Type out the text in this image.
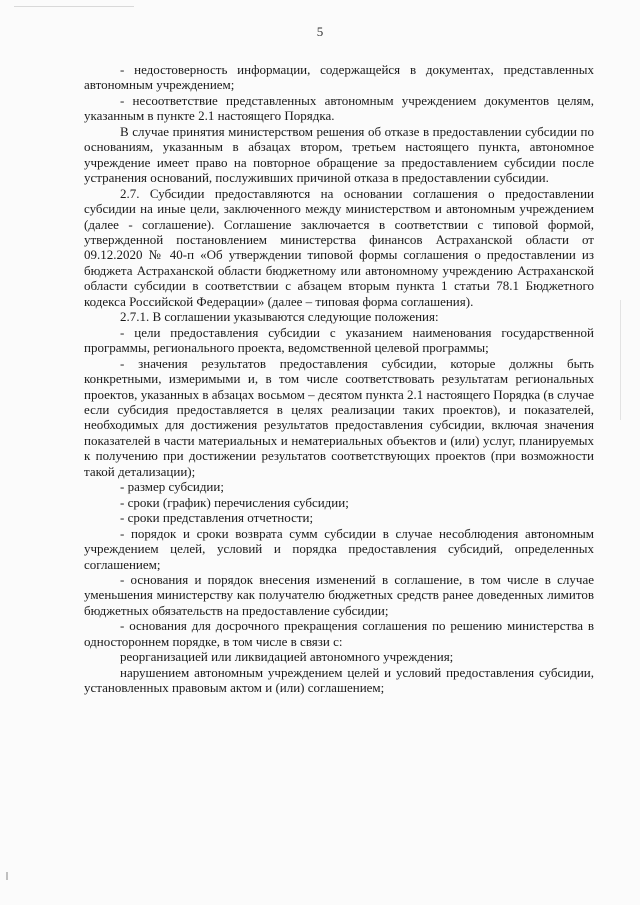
5

- недостоверность информации, содержащейся в документах, представленных автономным учреждением;

- несоответствие представленных автономным учреждением документов целям, указанным в пункте 2.1 настоящего Порядка.

В случае принятия министерством решения об отказе в предоставлении субсидии по основаниям, указанным в абзацах втором, третьем настоящего пункта, автономное учреждение имеет право на повторное обращение за предоставлением субсидии после устранения оснований, послуживших причиной отказа в предоставлении субсидии.

2.7. Субсидии предоставляются на основании соглашения о предоставлении субсидии на иные цели, заключенного между министерством и автономным учреждением (далее - соглашение). Соглашение заключается в соответствии с типовой формой, утвержденной постановлением министерства финансов Астраханской области от 09.12.2020 № 40-п «Об утверждении типовой формы соглашения о предоставлении из бюджета Астраханской области бюджетному или автономному учреждению Астраханской области субсидии в соответствии с абзацем вторым пункта 1 статьи 78.1 Бюджетного кодекса Российской Федерации» (далее – типовая форма соглашения).

2.7.1. В соглашении указываются следующие положения:

- цели предоставления субсидии с указанием наименования государственной программы, регионального проекта, ведомственной целевой программы;

- значения результатов предоставления субсидии, которые должны быть конкретными, измеримыми и, в том числе соответствовать результатам региональных проектов, указанных в абзацах восьмом – десятом пункта 2.1 настоящего Порядка (в случае если субсидия предоставляется в целях реализации таких проектов), и показателей, необходимых для достижения результатов предоставления субсидии, включая значения показателей в части материальных и нематериальных объектов и (или) услуг, планируемых к получению при достижении результатов соответствующих проектов (при возможности такой детализации);

- размер субсидии;

- сроки (график) перечисления субсидии;

- сроки представления отчетности;

- порядок и сроки возврата сумм субсидии в случае несоблюдения автономным учреждением целей, условий и порядка предоставления субсидий, определенных соглашением;

- основания и порядок внесения изменений в соглашение, в том числе в случае уменьшения министерству как получателю бюджетных средств ранее доведенных лимитов бюджетных обязательств на предоставление субсидии;

- основания для досрочного прекращения соглашения по решению министерства в одностороннем порядке, в том числе в связи с:

реорганизацией или ликвидацией автономного учреждения;

нарушением автономным учреждением целей и условий предоставления субсидии, установленных правовым актом и (или) соглашением;
